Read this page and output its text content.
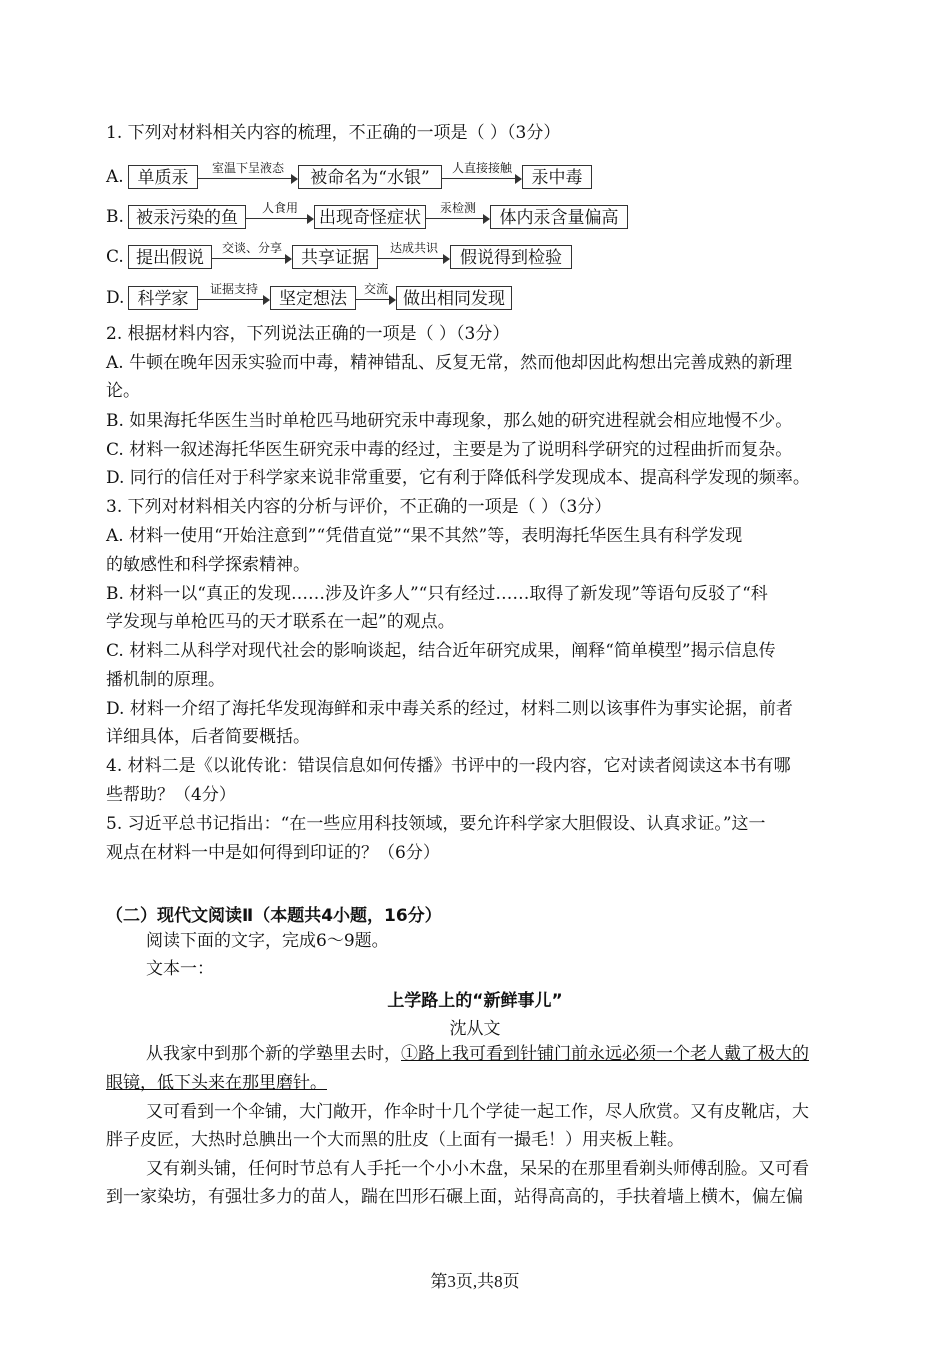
1. 下列对材料相关内容的梳理，不正确的一项是（ ）（3分）
A. 单质汞	室温下呈液态	被命名为“水银”	人直接接触	汞中毒
B. 被汞污染的鱼	人食用	出现奇怪症状	汞检测	体内汞含量偏高
C. 提出假说	交谈、分享	共享证据	达成共识	假说得到检验
D. 科学家	证据支持	坚定想法	交流 做出相同发现
2. 根据材料内容，下列说法正确的一项是（ ）（3分）
A. 牛顿在晚年因汞实验而中毒，精神错乱、反复无常，然而他却因此构想出完善成熟的新理
论。
B. 如果海托华医生当时单枪匹马地研究汞中毒现象，那么她的研究进程就会相应地慢不少。
C. 材料一叙述海托华医生研究汞中毒的经过，主要是为了说明科学研究的过程曲折而复杂。
D. 同行的信任对于科学家来说非常重要，它有利于降低科学发现成本、提高科学发现的频率。
3. 下列对材料相关内容的分析与评价，不正确的一项是（ ）（3分）
A. 材料一使用“开始注意到”“凭借直觉”“果不其然”等，表明海托华医生具有科学发现
的敏感性和科学探索精神。
B. 材料一以“真正的发现……涉及许多人”“只有经过……取得了新发现”等语句反驳了“科
学发现与单枪匹马的天才联系在一起”的观点。
C. 材料二从科学对现代社会的影响谈起，结合近年研究成果，阐释“简单模型”揭示信息传
播机制的原理。
D. 材料一介绍了海托华发现海鲜和汞中毒关系的经过，材料二则以该事件为事实论据，前者
详细具体，后者简要概括。
4. 材料二是《以讹传讹：错误信息如何传播》书评中的一段内容，它对读者阅读这本书有哪
些帮助？（4分）
5. 习近平总书记指出：“在一些应用科技领域，要允许科学家大胆假设、认真求证。”这一
观点在材料一中是如何得到印证的？（6分）
（二）现代文阅读Ⅱ（本题共4小题，16分）
阅读下面的文字，完成6～9题。
文本一：
上学路上的“新鲜事儿”
沈从文
从我家中到那个新的学塾里去时，①路上我可看到针铺门前永远必须一个老人戴了极大的
眼镜，低下头来在那里磨针。
又可看到一个伞铺，大门敞开，作伞时十几个学徒一起工作，尽人欣赏。又有皮靴店，大
胖子皮匠，大热时总腆出一个大而黑的肚皮（上面有一撮毛！）用夹板上鞋。
又有剃头铺，任何时节总有人手托一个小小木盘，呆呆的在那里看剃头师傅刮脸。又可看
到一家染坊，有强壮多力的苗人，踹在凹形石碾上面，站得高高的，手扶着墙上横木，偏左偏
第3页,共8页
